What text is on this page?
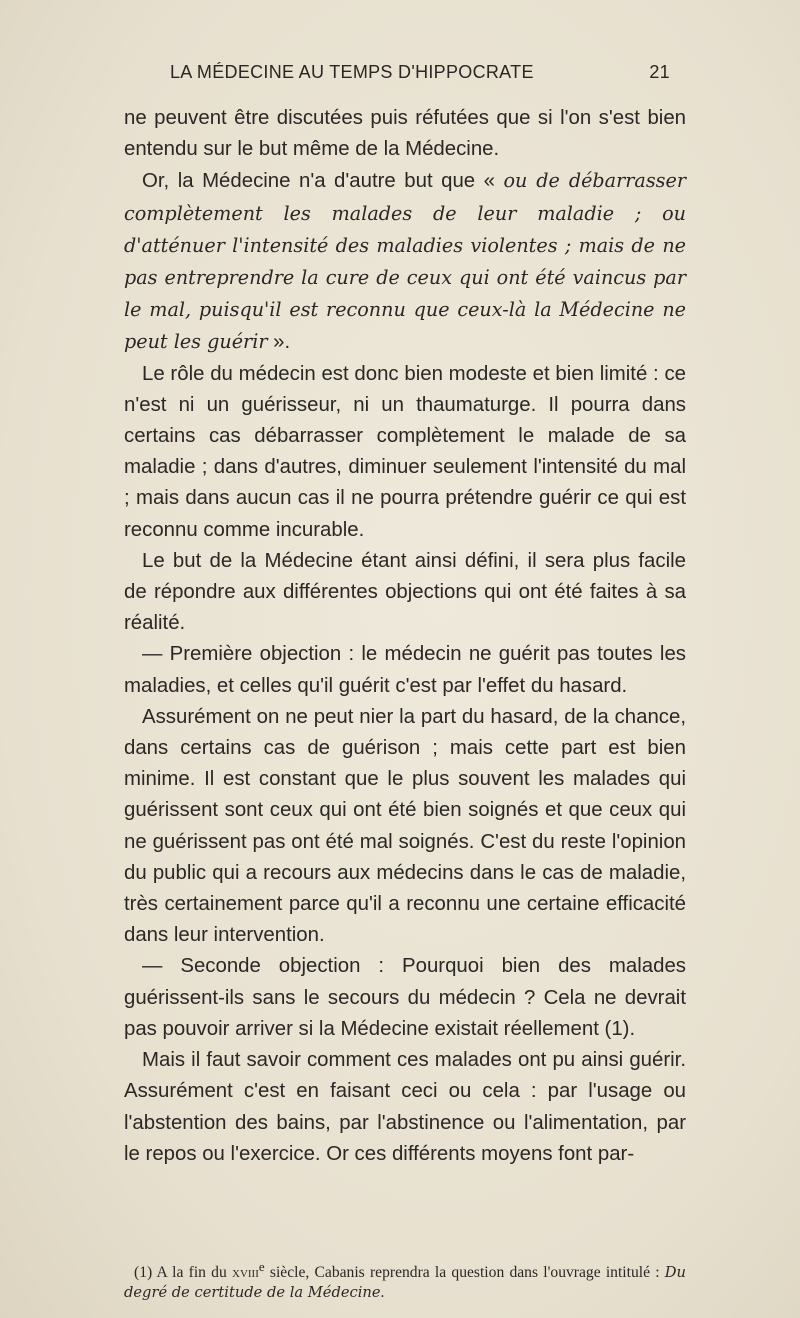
LA MÉDECINE AU TEMPS D'HIPPOCRATE	21

ne peuvent être discutées puis réfutées que si l'on s'est bien entendu sur le but même de la Médecine.

Or, la Médecine n'a d'autre but que « ou de débarrasser complètement les malades de leur maladie ; ou d'atténuer l'intensité des maladies violentes ; mais de ne pas entreprendre la cure de ceux qui ont été vaincus par le mal, puisqu'il est reconnu que ceux-là la Médecine ne peut les guérir ».

Le rôle du médecin est donc bien modeste et bien limité : ce n'est ni un guérisseur, ni un thaumaturge. Il pourra dans certains cas débarrasser complètement le malade de sa maladie ; dans d'autres, diminuer seulement l'intensité du mal ; mais dans aucun cas il ne pourra prétendre guérir ce qui est reconnu comme incurable.

Le but de la Médecine étant ainsi défini, il sera plus facile de répondre aux différentes objections qui ont été faites à sa réalité.

— Première objection : le médecin ne guérit pas toutes les maladies, et celles qu'il guérit c'est par l'effet du hasard.

Assurément on ne peut nier la part du hasard, de la chance, dans certains cas de guérison ; mais cette part est bien minime. Il est constant que le plus souvent les malades qui guérissent sont ceux qui ont été bien soignés et que ceux qui ne guérissent pas ont été mal soignés. C'est du reste l'opinion du public qui a recours aux médecins dans le cas de maladie, très certainement parce qu'il a reconnu une certaine efficacité dans leur intervention.

— Seconde objection : Pourquoi bien des malades guérissent-ils sans le secours du médecin ? Cela ne devrait pas pouvoir arriver si la Médecine existait réellement (1).

Mais il faut savoir comment ces malades ont pu ainsi guérir. Assurément c'est en faisant ceci ou cela : par l'usage ou l'abstention des bains, par l'abstinence ou l'alimentation, par le repos ou l'exercice. Or ces différents moyens font par-

(1) A la fin du xviii$^e$ siècle, Cabanis reprendra la question dans l'ouvrage intitulé : Du degré de certitude de la Médecine.
